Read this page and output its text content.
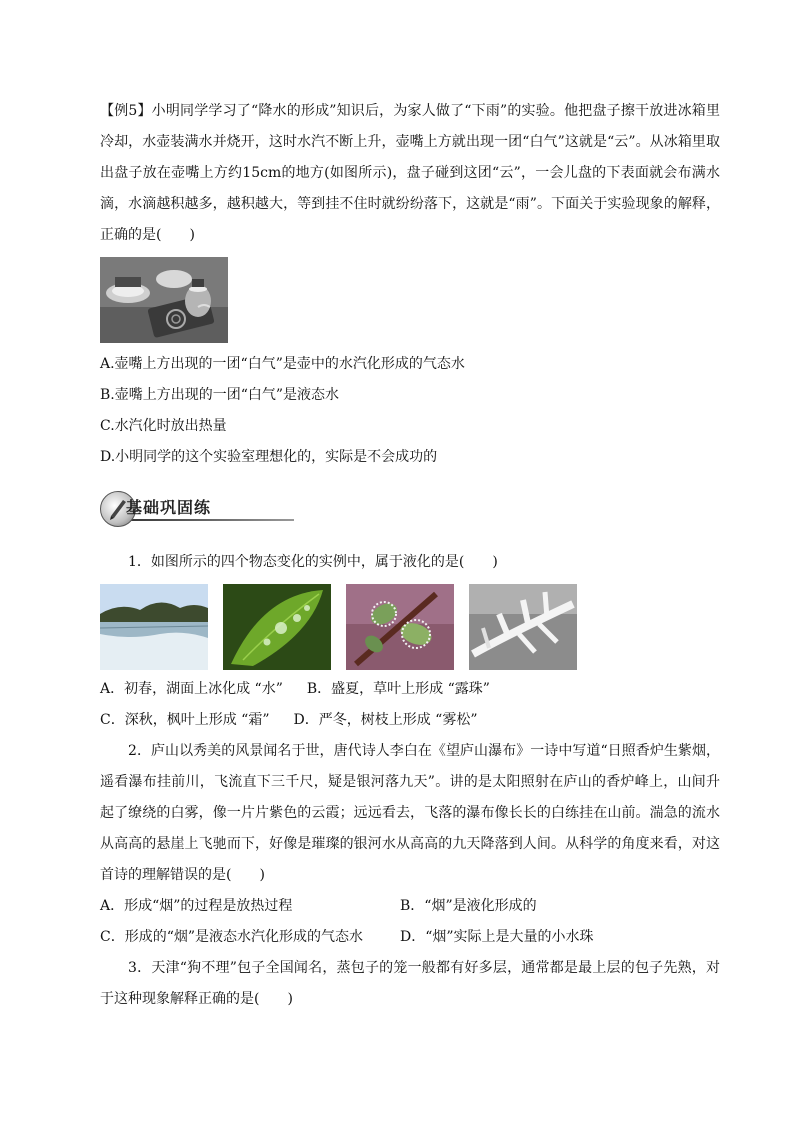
【例5】小明同学学习了“降水的形成”知识后，为家人做了“下雨”的实验。他把盘子擦干放进冰箱里冷却，水壶装满水并烧开，这时水汽不断上升，壶嘴上方就出现一团“白气”这就是“云”。从冰箱里取出盘子放在壶嘴上方约15cm的地方(如图所示)，盘子碰到这团“云”，一会儿盘的下表面就会布满水滴，水滴越积越多，越积越大，等到挂不住时就纷纷落下，这就是“雨”。下面关于实验现象的解释，正确的是(　　)

A.壶嘴上方出现的一团“白气”是壶中的水汽化形成的气态水

B.壶嘴上方出现的一团“白气”是液态水

C.水汽化时放出热量

D.小明同学的这个实验室理想化的，实际是不会成功的

基础巩固练

1．如图所示的四个物态变化的实例中，属于液化的是(　　)

A．初春，湖面上冰化成 “水” B．盛夏，草叶上形成 “露珠”
C．深秋，枫叶上形成 “霜” D．严冬，树枝上形成 “雾松”

2．庐山以秀美的风景闻名于世，唐代诗人李白在《望庐山瀑布》一诗中写道“日照香炉生紫烟，遥看瀑布挂前川，飞流直下三千尺，疑是银河落九天”。讲的是太阳照射在庐山的香炉峰上，山间升起了缭绕的白雾，像一片片紫色的云霞；远远看去，飞落的瀑布像长长的白练挂在山前。湍急的流水从高高的悬崖上飞驰而下，好像是璀璨的银河水从高高的九天降落到人间。从科学的角度来看，对这首诗的理解错误的是(　　)

A．形成“烟”的过程是放热过程	B．“烟”是液化形成的
C．形成的“烟”是液态水汽化形成的气态水	D．“烟”实际上是大量的小水珠

3．天津“狗不理”包子全国闻名，蒸包子的笼一般都有好多层，通常都是最上层的包子先熟，对于这种现象解释正确的是(　　)
